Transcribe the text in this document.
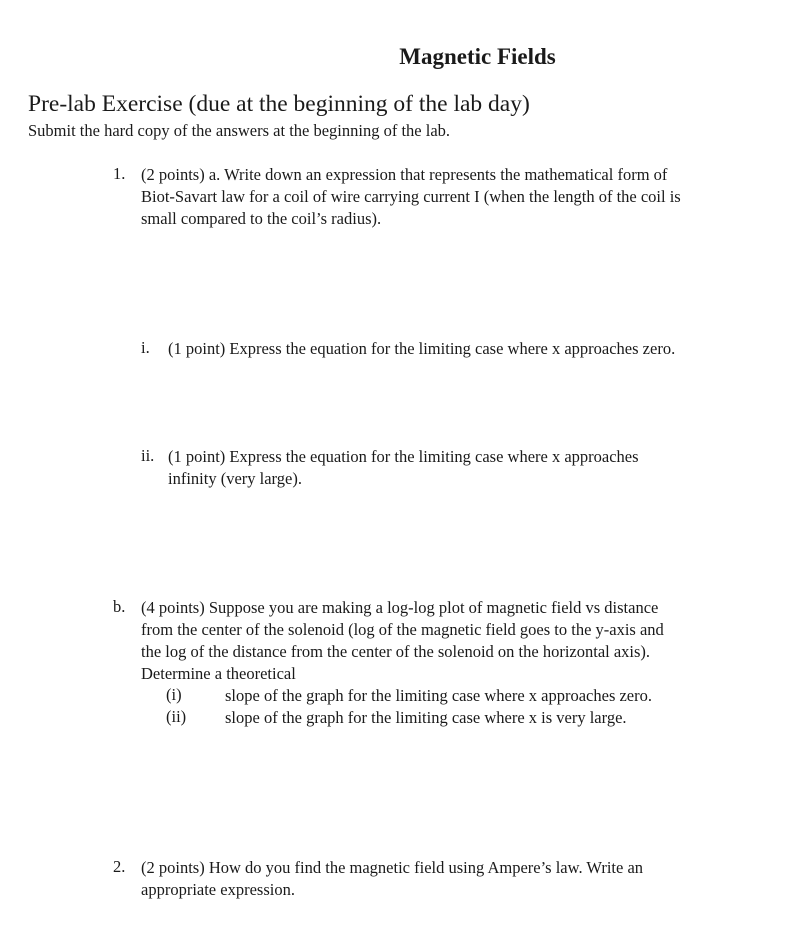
Magnetic Fields
Pre-lab Exercise (due at the beginning of the lab day)
Submit the hard copy of the answers at the beginning of the lab.
1. (2 points) a. Write down an expression that represents the mathematical form of
Biot-Savart law for a coil of wire carrying current I (when the length of the coil is
small compared to the coil’s radius).
i. (1 point) Express the equation for the limiting case where x approaches zero.
ii. (1 point) Express the equation for the limiting case where x approaches
infinity (very large).
b. (4 points) Suppose you are making a log-log plot of magnetic field vs distance
from the center of the solenoid (log of the magnetic field goes to the y-axis and
the log of the distance from the center of the solenoid on the horizontal axis).
Determine a theoretical
(i)	slope of the graph for the limiting case where x approaches zero.
(ii) slope of the graph for the limiting case where x is very large.
2. (2 points) How do you find the magnetic field using Ampere’s law. Write an
appropriate expression.
